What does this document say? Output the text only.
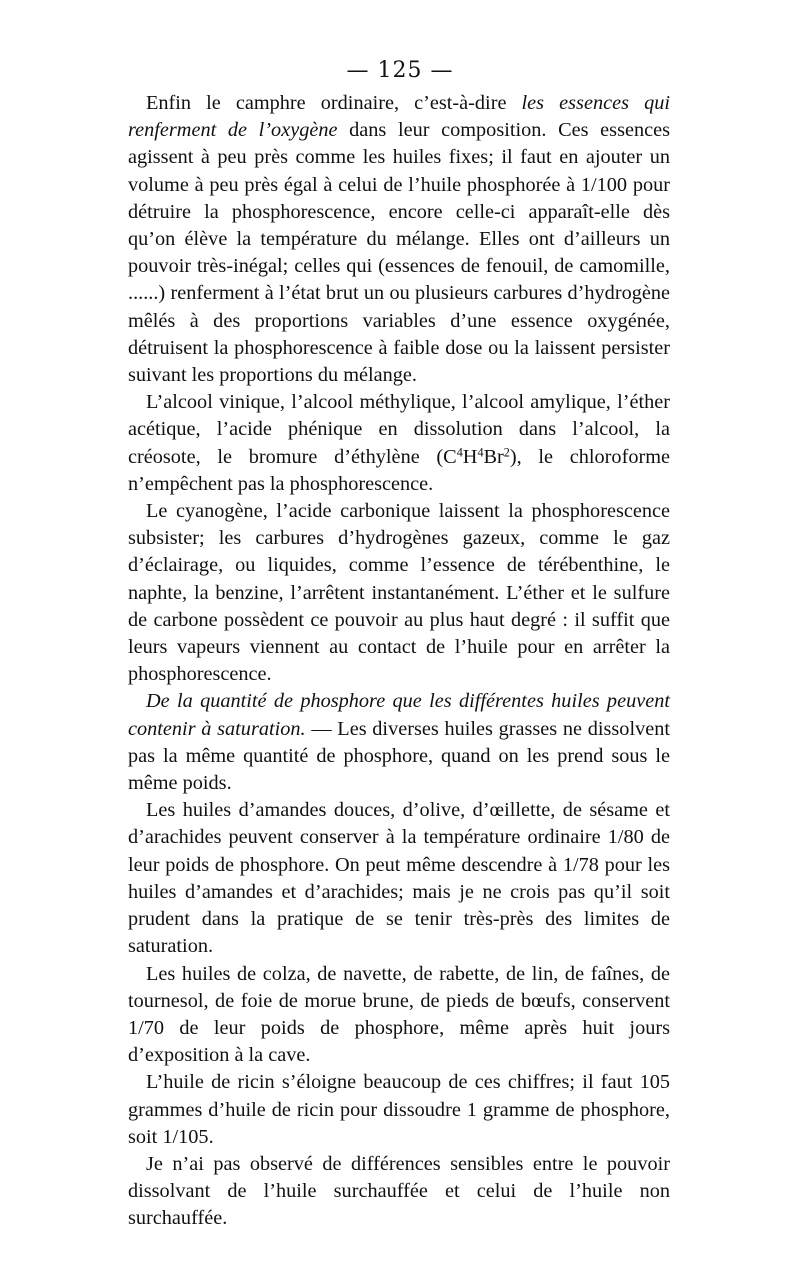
— 125 —

Enfin le camphre ordinaire, c’est-à-dire les essences qui renferment de l’oxygène dans leur composition. Ces essences agissent à peu près comme les huiles fixes; il faut en ajouter un volume à peu près égal à celui de l’huile phosphorée à 1/100 pour détruire la phosphorescence, encore celle-ci apparaît-elle dès qu’on élève la température du mélange. Elles ont d’ailleurs un pouvoir très-inégal; celles qui (essences de fenouil, de camomille, ......) renferment à l’état brut un ou plusieurs carbures d’hydrogène mêlés à des proportions variables d’une essence oxygénée, détruisent la phosphorescence à faible dose ou la laissent persister suivant les proportions du mélange.

L’alcool vinique, l’alcool méthylique, l’alcool amylique, l’éther acétique, l’acide phénique en dissolution dans l’alcool, la créosote, le bromure d’éthylène $(C^4H^4Br^2)$, le chloroforme n’empêchent pas la phosphorescence.

Le cyanogène, l’acide carbonique laissent la phosphorescence subsister; les carbures d’hydrogènes gazeux, comme le gaz d’éclairage, ou liquides, comme l’essence de térébenthine, le naphte, la benzine, l’arrêtent instantanément. L’éther et le sulfure de carbone possèdent ce pouvoir au plus haut degré : il suffit que leurs vapeurs viennent au contact de l’huile pour en arrêter la phosphorescence.

De la quantité de phosphore que les différentes huiles peuvent contenir à saturation. — Les diverses huiles grasses ne dissolvent pas la même quantité de phosphore, quand on les prend sous le même poids.

Les huiles d’amandes douces, d’olive, d’œillette, de sésame et d’arachides peuvent conserver à la température ordinaire 1/80 de leur poids de phosphore. On peut même descendre à 1/78 pour les huiles d’amandes et d’arachides; mais je ne crois pas qu’il soit prudent dans la pratique de se tenir très-près des limites de saturation.

Les huiles de colza, de navette, de rabette, de lin, de faînes, de tournesol, de foie de morue brune, de pieds de bœufs, conservent 1/70 de leur poids de phosphore, même après huit jours d’exposition à la cave.

L’huile de ricin s’éloigne beaucoup de ces chiffres; il faut 105 grammes d’huile de ricin pour dissoudre 1 gramme de phosphore, soit 1/105.

Je n’ai pas observé de différences sensibles entre le pouvoir dissolvant de l’huile surchauffée et celui de l’huile non surchauffée.
